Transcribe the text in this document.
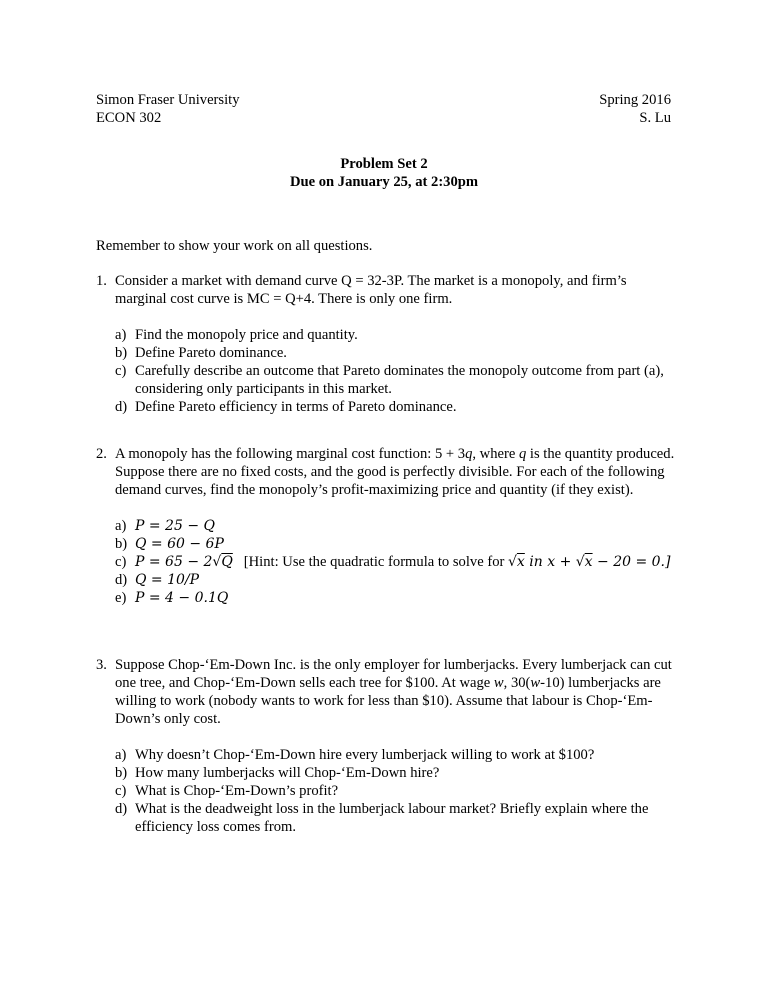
Simon Fraser University
ECON 302
Spring 2016
S. Lu
Problem Set 2
Due on January 25, at 2:30pm
Remember to show your work on all questions.
1. Consider a market with demand curve Q = 32-3P. The market is a monopoly, and firm’s marginal cost curve is MC = Q+4. There is only one firm.
a) Find the monopoly price and quantity.
b) Define Pareto dominance.
c) Carefully describe an outcome that Pareto dominates the monopoly outcome from part (a), considering only participants in this market.
d) Define Pareto efficiency in terms of Pareto dominance.
2. A monopoly has the following marginal cost function: 5 + 3q, where q is the quantity produced. Suppose there are no fixed costs, and the good is perfectly divisible. For each of the following demand curves, find the monopoly’s profit-maximizing price and quantity (if they exist).
a) P = 25 − Q
b) Q = 60 − 6P
c) P = 65 − 2√Q [Hint: Use the quadratic formula to solve for √x in x + √x − 20 = 0.]
d) Q = 10/P
e) P = 4 − 0.1Q
3. Suppose Chop-‘Em-Down Inc. is the only employer for lumberjacks. Every lumberjack can cut one tree, and Chop-‘Em-Down sells each tree for $100. At wage w, 30(w-10) lumberjacks are willing to work (nobody wants to work for less than $10). Assume that labour is Chop-‘Em-Down’s only cost.
a) Why doesn’t Chop-‘Em-Down hire every lumberjack willing to work at $100?
b) How many lumberjacks will Chop-‘Em-Down hire?
c) What is Chop-‘Em-Down’s profit?
d) What is the deadweight loss in the lumberjack labour market? Briefly explain where the efficiency loss comes from.
